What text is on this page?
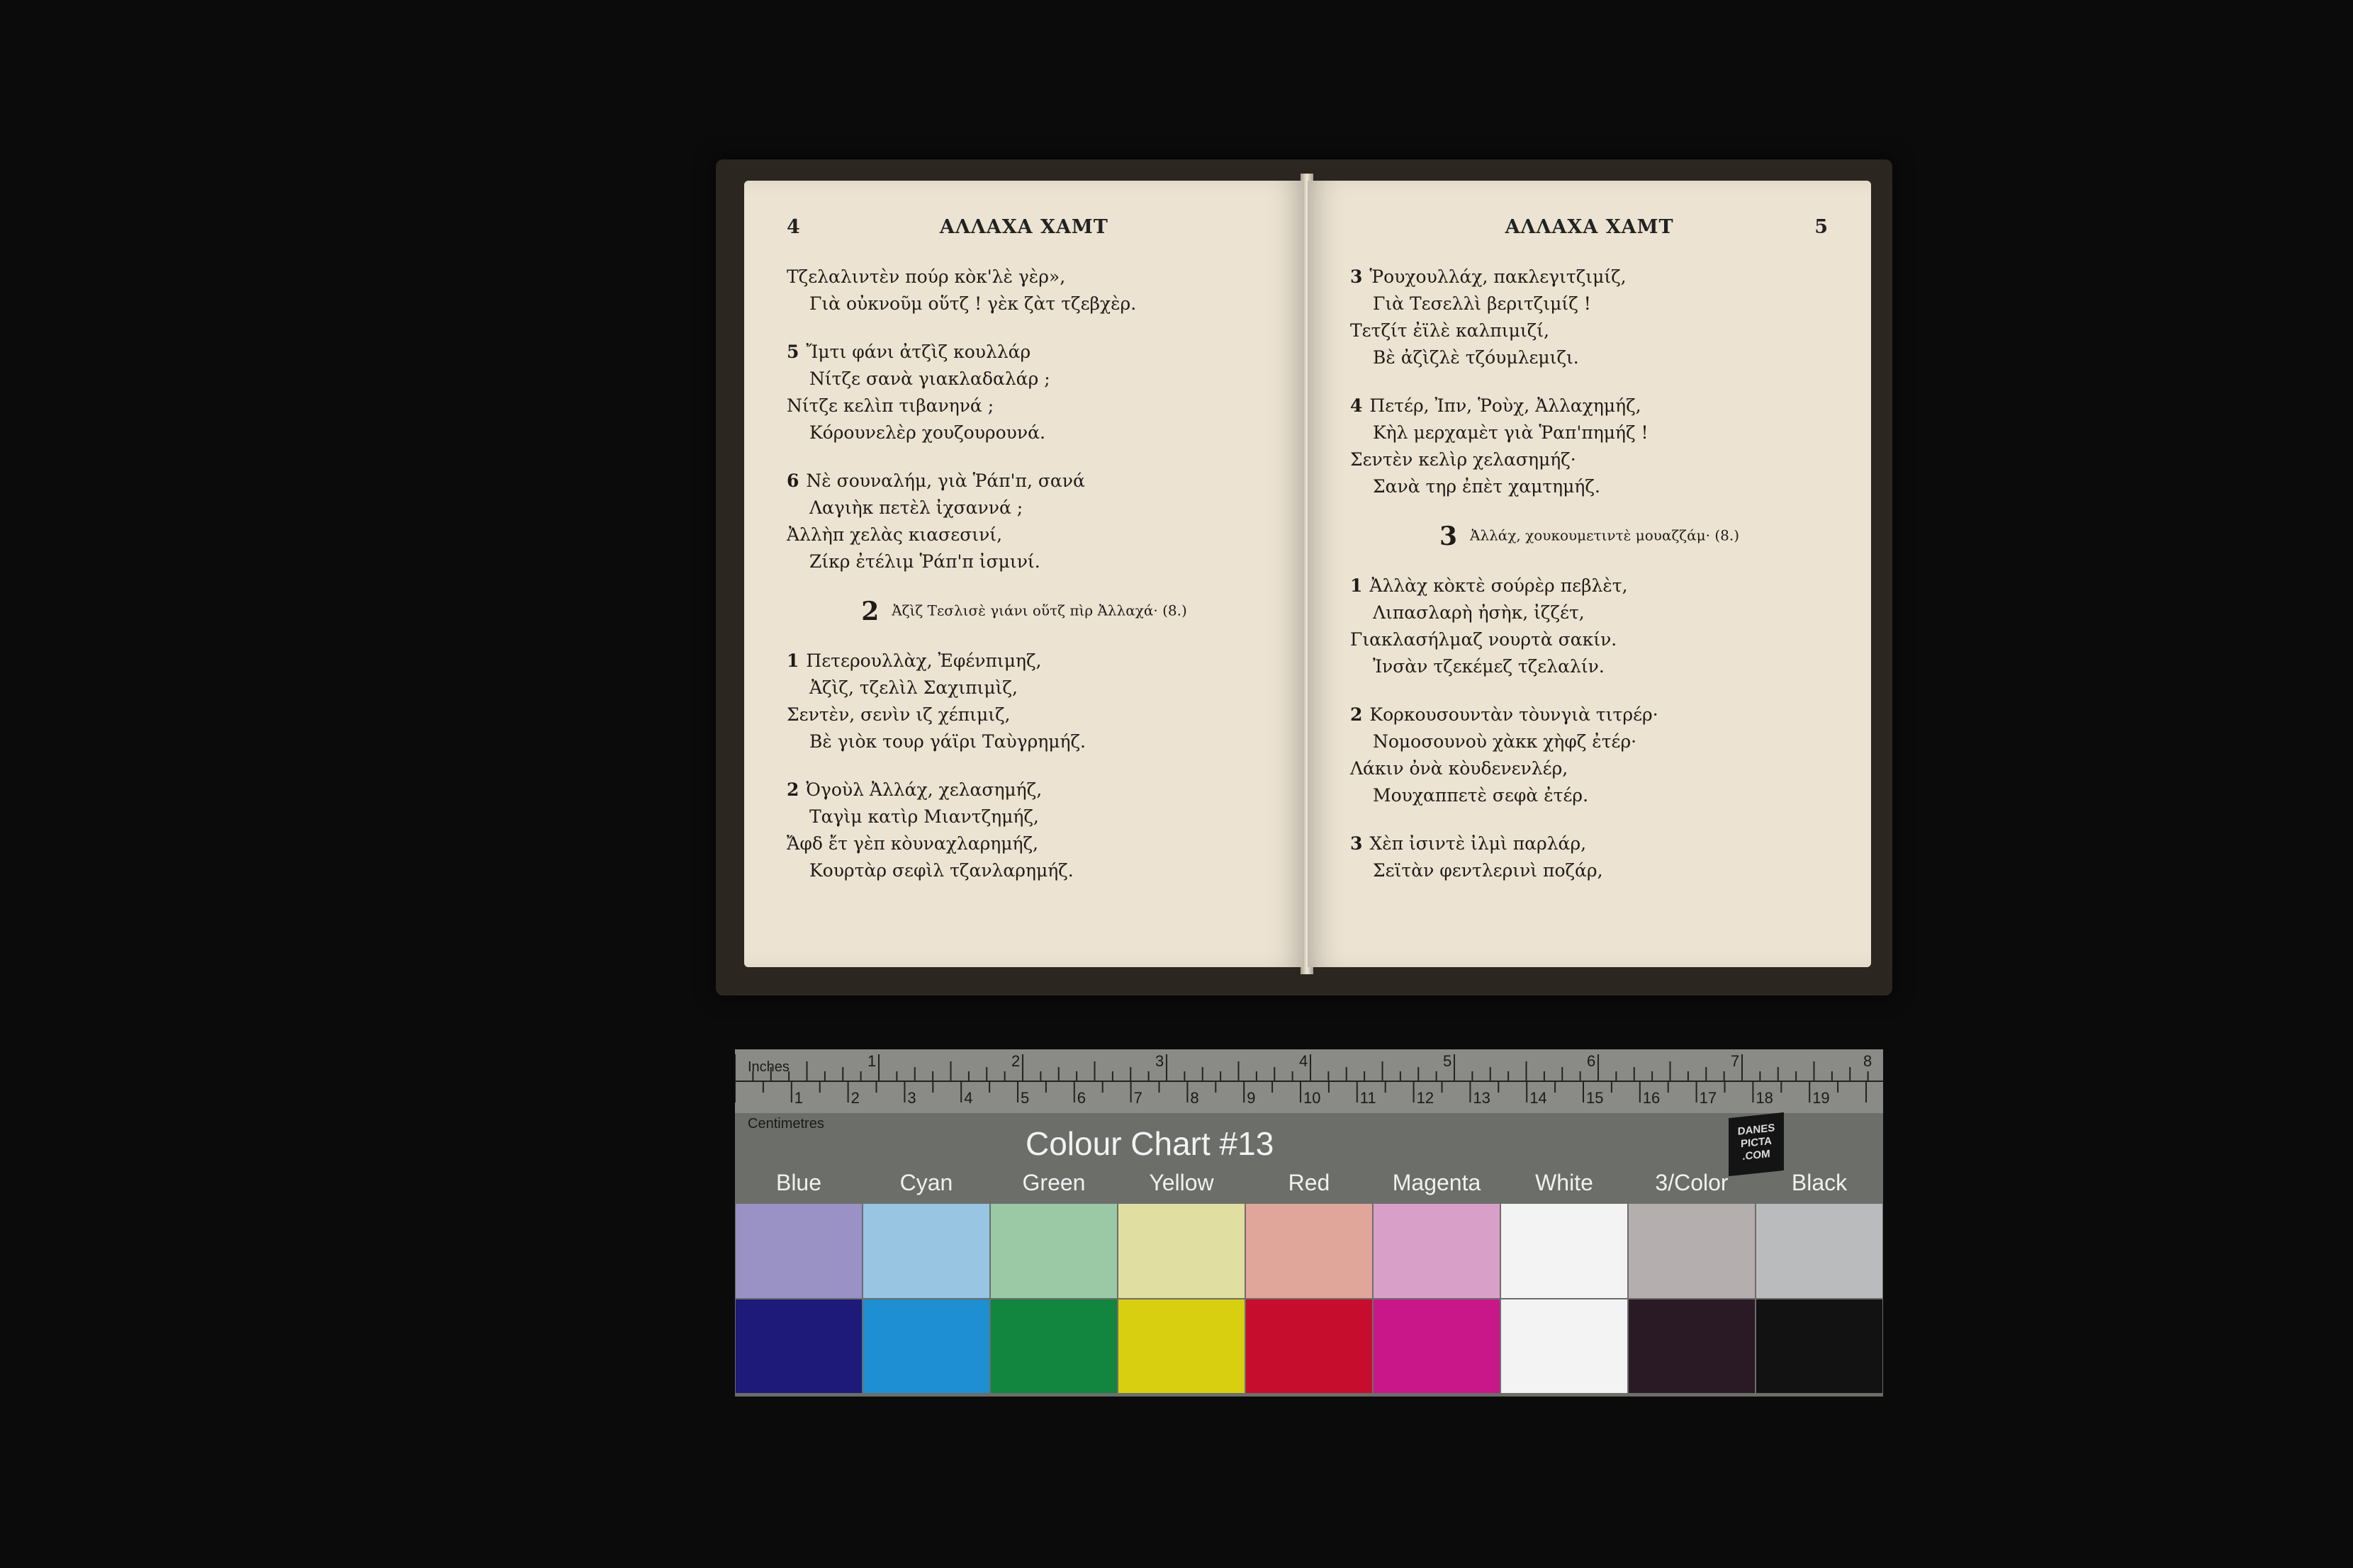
4	ΑΛΛΑΧΑ ΧΑΜΤ
Τζελαλιντὲν πούρ κὸκ'λὲ γὲρ»,
Γιὰ οὐκνοῦμ οὕτζ ! γὲκ ζὰτ τζεβχὲρ.
5 Ἴμτι φάνι ἀτζὶζ κουλλάρ
Νίτζε σανὰ γιακλαδαλάρ ;
Νίτζε κελὶπ τιβανηνά ;
Κόρουνελὲρ χουζουρουνά.
6 Νὲ σουναλήμ, γιὰ Ῥάπ'π, σανά
Λαγιὴκ πετὲλ ἰχσαννά ;
Ἀλλὴπ χελὰς κιασεσινί,
Ζίκρ ἐτέλιμ Ῥάπ'π ἰσμινί.
2 Ἀζὶζ Τεσλισὲ γιάνι οὕτζ πὶρ Ἀλλαχά· (8.)
1 Πετερουλλὰχ, Ἐφένπιμηζ,
Ἀζὶζ, τζελὶλ Σαχιπιμὶζ,
Σεντὲν, σενὶν ιζ χέπιμιζ,
Βὲ γιὸκ τουρ γάϊρι Ταὺγρημήζ.
2 Ὀγοὺλ Ἀλλάχ, χελασημήζ,
Ταγὶμ κατὶρ Μιαντζημήζ,
Ἄφδ ἔτ γὲπ κὸυναχλαρημήζ,
Κουρτὰρ σεφὶλ τζανλαρημήζ.
ΑΛΛΑΧΑ ΧΑΜΤ	5
3 Ῥουχουλλάχ, πακλεγιτζιμίζ,
Γιὰ Τεσελλὶ βεριτζιμίζ !
Τετζίτ ἐϊλὲ καλπιμιζί,
Βὲ ἀζὶζλὲ τζόυμλεμιζι.
4 Πετέρ, Ἰπν, Ῥοὺχ, Ἀλλαχημήζ,
Κὴλ μερχαμὲτ γιὰ Ῥαπ'πημήζ !
Σεντὲν κελὶρ χελασημήζ·
Σανὰ τηρ ἐπὲτ χαμτημήζ.
3 Ἀλλάχ, χουκουμετιντὲ μουαζζάμ· (8.)
1 Ἀλλὰχ κὸκτὲ σούρὲρ πεβλὲτ,
Λιπασλαρὴ ἠσὴκ, ἰζζέτ,
Γιακλασήλμαζ νουρτὰ σακίν.
Ἰνσὰν τζεκέμεζ τζελαλίν.
2 Κορκουσουντὰν τὸυνγιὰ τιτρέρ·
Νομοσουνοὺ χὰκκ χὴφζ ἐτέρ·
Λάκιν ὀνὰ κὸυδενενλέρ,
Μουχαππετὲ σεφὰ ἐτέρ.
3 Χὲπ ἰσιντὲ ἰλμὶ παρλάρ,
Σεϊτὰν φεντλερινὶ ποζάρ,
Inches
Centimetres
1	2	3	4	5	6	7	8
1	2	3	4	5	6	7	8	9	10	11	12	13	14	15	16	17	18	19
Colour Chart #13	DANES
PICTA
.COM
Blue	Cyan	Green	Yellow	Red	Magenta	White	3/Color	Black
